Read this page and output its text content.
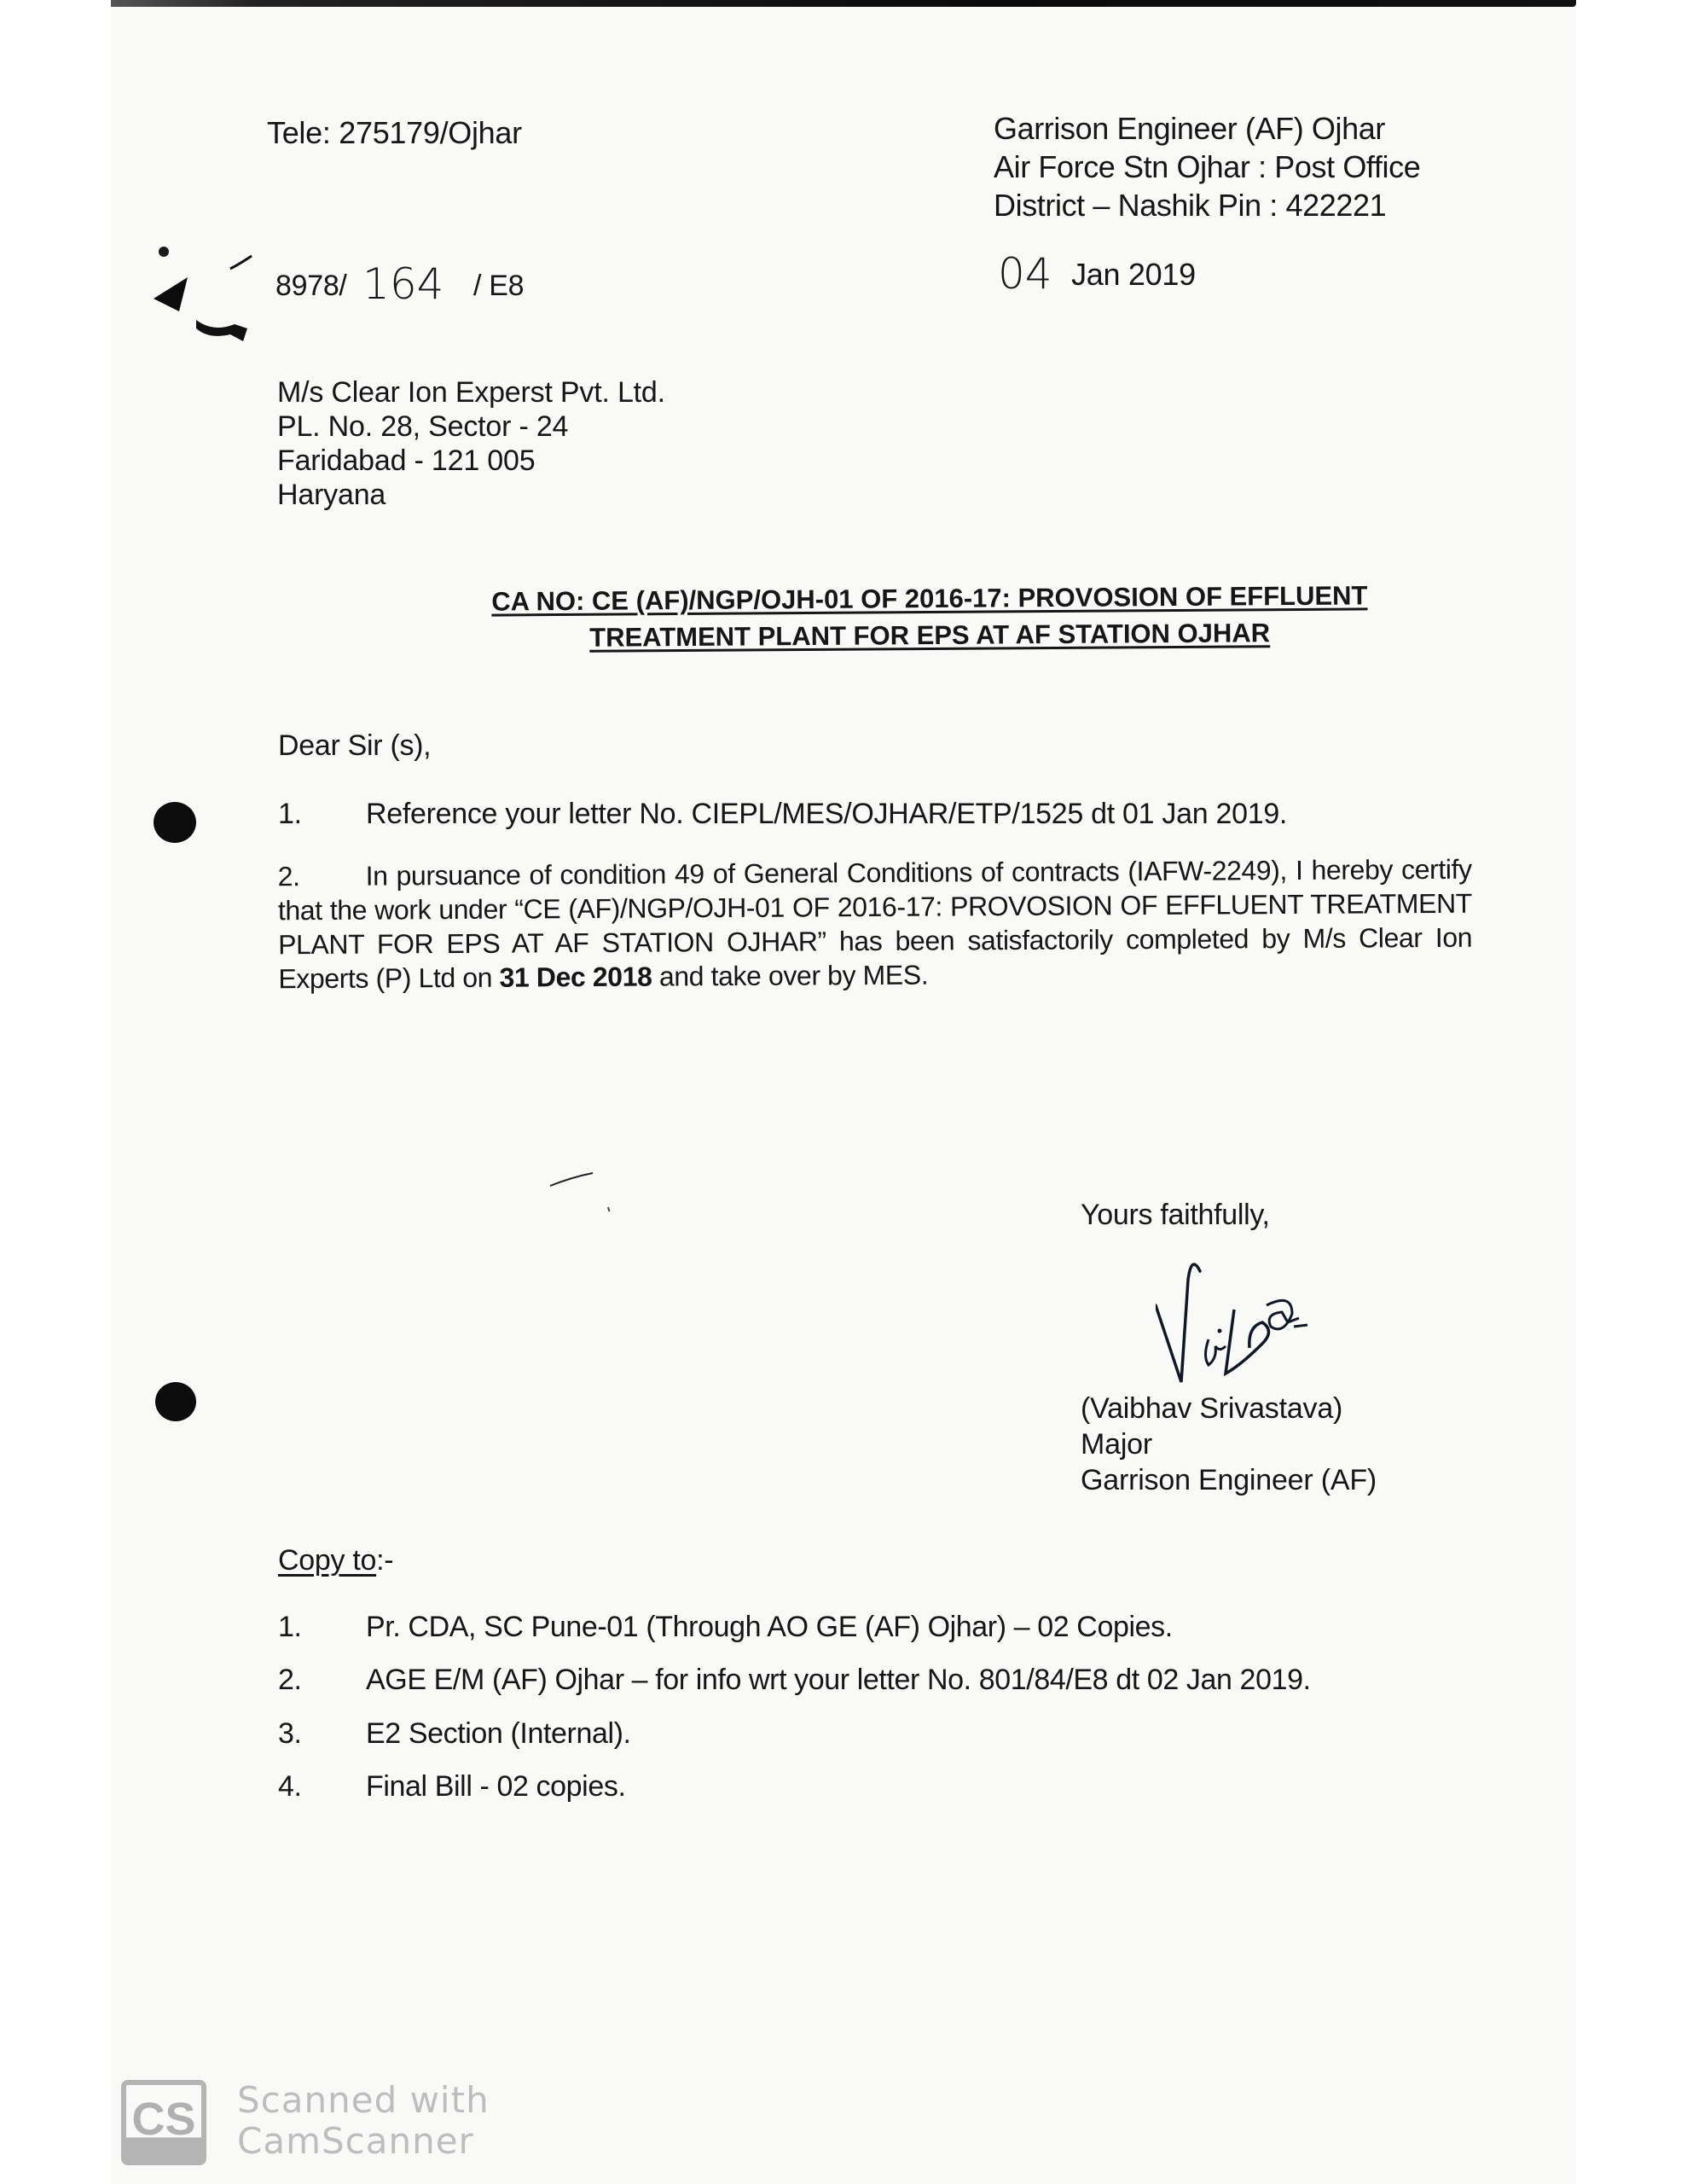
Tele: 275179/Ojhar	Garrison Engineer (AF) Ojhar
Air Force Stn Ojhar : Post Office
District – Nashik Pin : 422221
8978/ 164 / E8	04 Jan 2019
M/s Clear Ion Experst Pvt. Ltd.
PL. No. 28, Sector - 24
Faridabad - 121 005
Haryana
CA NO: CE (AF)/NGP/OJH-01 OF 2016-17: PROVOSION OF EFFLUENT
TREATMENT PLANT FOR EPS AT AF STATION OJHAR
Dear Sir (s),
1. Reference your letter No. CIEPL/MES/OJHAR/ETP/1525 dt 01 Jan 2019.
2. In pursuance of condition 49 of General Conditions of contracts (IAFW-2249), I hereby certify that the work under “CE (AF)/NGP/OJH-01 OF 2016-17: PROVOSION OF EFFLUENT TREATMENT PLANT FOR EPS AT AF STATION OJHAR” has been satisfactorily completed by M/s Clear Ion Experts (P) Ltd on 31 Dec 2018 and take over by MES.
Yours faithfully,
(Vaibhav Srivastava)
Major
Garrison Engineer (AF)
Copy to:-
1. Pr. CDA, SC Pune-01 (Through AO GE (AF) Ojhar) – 02 Copies.
2. AGE E/M (AF) Ojhar – for info wrt your letter No. 801/84/E8 dt 02 Jan 2019.
3. E2 Section (Internal).
4. Final Bill - 02 copies.
CS Scanned with
CamScanner
